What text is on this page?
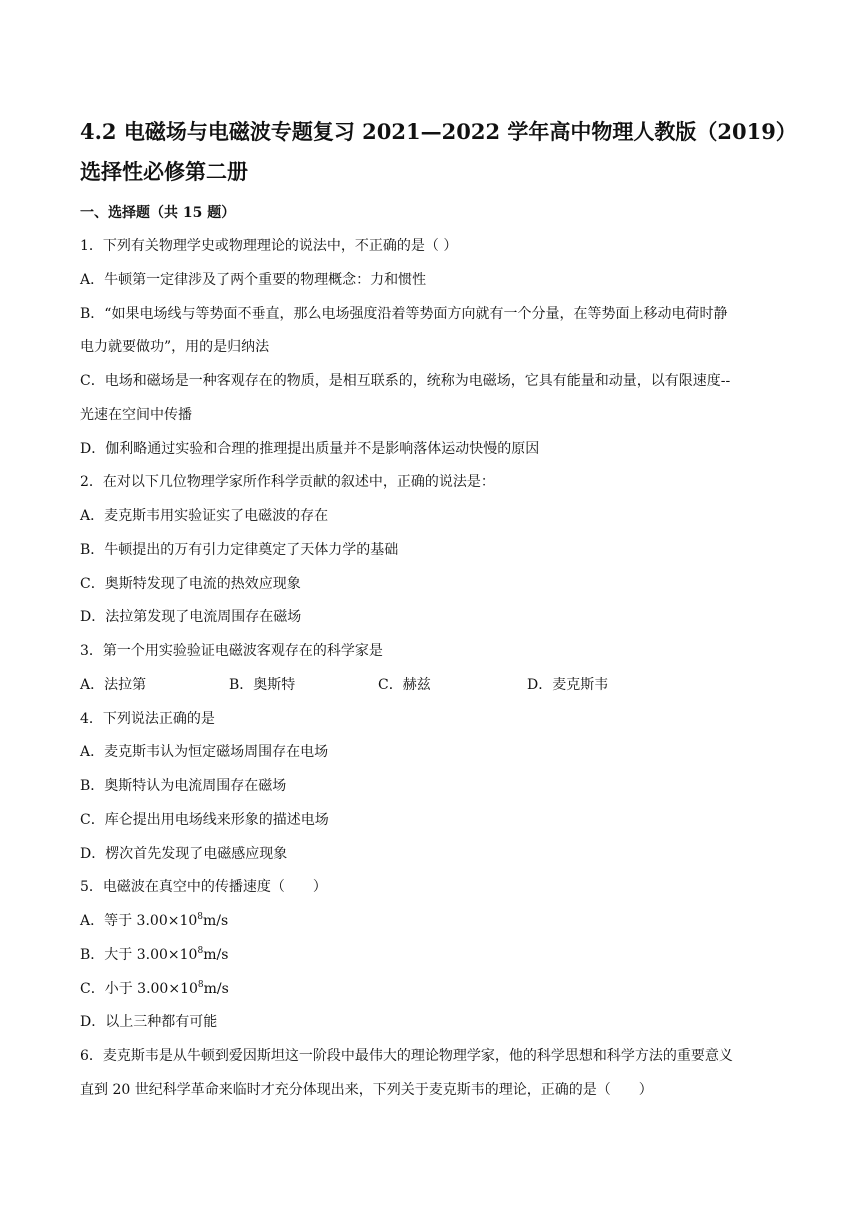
4.2 电磁场与电磁波专题复习 2021—2022 学年高中物理人教版（2019）
选择性必修第二册
一、选择题（共 15 题）
1．下列有关物理学史或物理理论的说法中，不正确的是（ ）
A．牛顿第一定律涉及了两个重要的物理概念：力和惯性
B．“如果电场线与等势面不垂直，那么电场强度沿着等势面方向就有一个分量，在等势面上移动电荷时静
电力就要做功”，用的是归纳法
C．电场和磁场是一种客观存在的物质，是相互联系的，统称为电磁场，它具有能量和动量，以有限速度--
光速在空间中传播
D．伽利略通过实验和合理的推理提出质量并不是影响落体运动快慢的原因
2．在对以下几位物理学家所作科学贡献的叙述中，正确的说法是：
A．麦克斯韦用实验证实了电磁波的存在
B．牛顿提出的万有引力定律奠定了天体力学的基础
C．奥斯特发现了电流的热效应现象
D．法拉第发现了电流周围存在磁场
3．第一个用实验验证电磁波客观存在的科学家是
A．法拉第	B．奥斯特	C．赫兹	D．麦克斯韦
4．下列说法正确的是
A．麦克斯韦认为恒定磁场周围存在电场
B．奥斯特认为电流周围存在磁场
C．库仑提出用电场线来形象的描述电场
D．楞次首先发现了电磁感应现象
5．电磁波在真空中的传播速度（　　）
A．等于 $3.00\times 10^8m/s$
B．大于 $3.00\times 10^8m/s$
C．小于 $3.00\times 10^8m/s$
D．以上三种都有可能
6．麦克斯韦是从牛顿到爱因斯坦这一阶段中最伟大的理论物理学家，他的科学思想和科学方法的重要意义
直到 20 世纪科学革命来临时才充分体现出来，下列关于麦克斯韦的理论，正确的是（　　）
